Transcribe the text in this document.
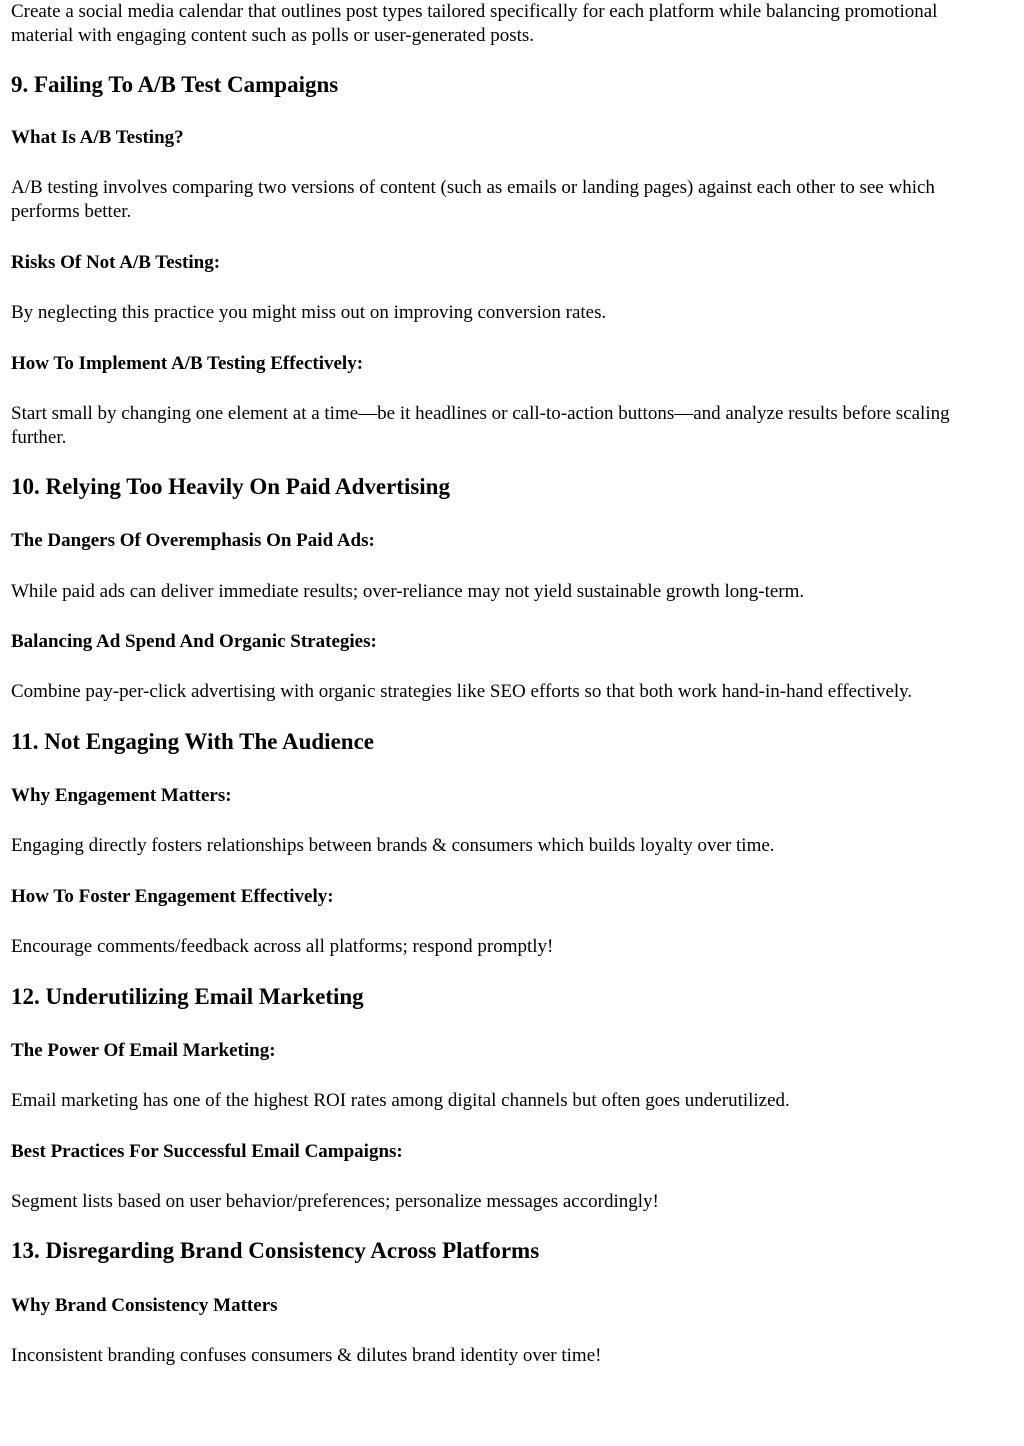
Create a social media calendar that outlines post types tailored specifically for each platform while balancing promotional material with engaging content such as polls or user-generated posts.

9. Failing To A/B Test Campaigns
What Is A/B Testing?

A/B testing involves comparing two versions of content (such as emails or landing pages) against each other to see which performs better.

Risks Of Not A/B Testing:

By neglecting this practice you might miss out on improving conversion rates.

How To Implement A/B Testing Effectively:

Start small by changing one element at a time—be it headlines or call-to-action buttons—and analyze results before scaling further.

10. Relying Too Heavily On Paid Advertising
The Dangers Of Overemphasis On Paid Ads:

While paid ads can deliver immediate results; over-reliance may not yield sustainable growth long-term.

Balancing Ad Spend And Organic Strategies:

Combine pay-per-click advertising with organic strategies like SEO efforts so that both work hand-in-hand effectively.

11. Not Engaging With The Audience
Why Engagement Matters:

Engaging directly fosters relationships between brands & consumers which builds loyalty over time.

How To Foster Engagement Effectively:

Encourage comments/feedback across all platforms; respond promptly!

12. Underutilizing Email Marketing
The Power Of Email Marketing:

Email marketing has one of the highest ROI rates among digital channels but often goes underutilized.

Best Practices For Successful Email Campaigns:

Segment lists based on user behavior/preferences; personalize messages accordingly!

13. Disregarding Brand Consistency Across Platforms
Why Brand Consistency Matters

Inconsistent branding confuses consumers & dilutes brand identity over time!
